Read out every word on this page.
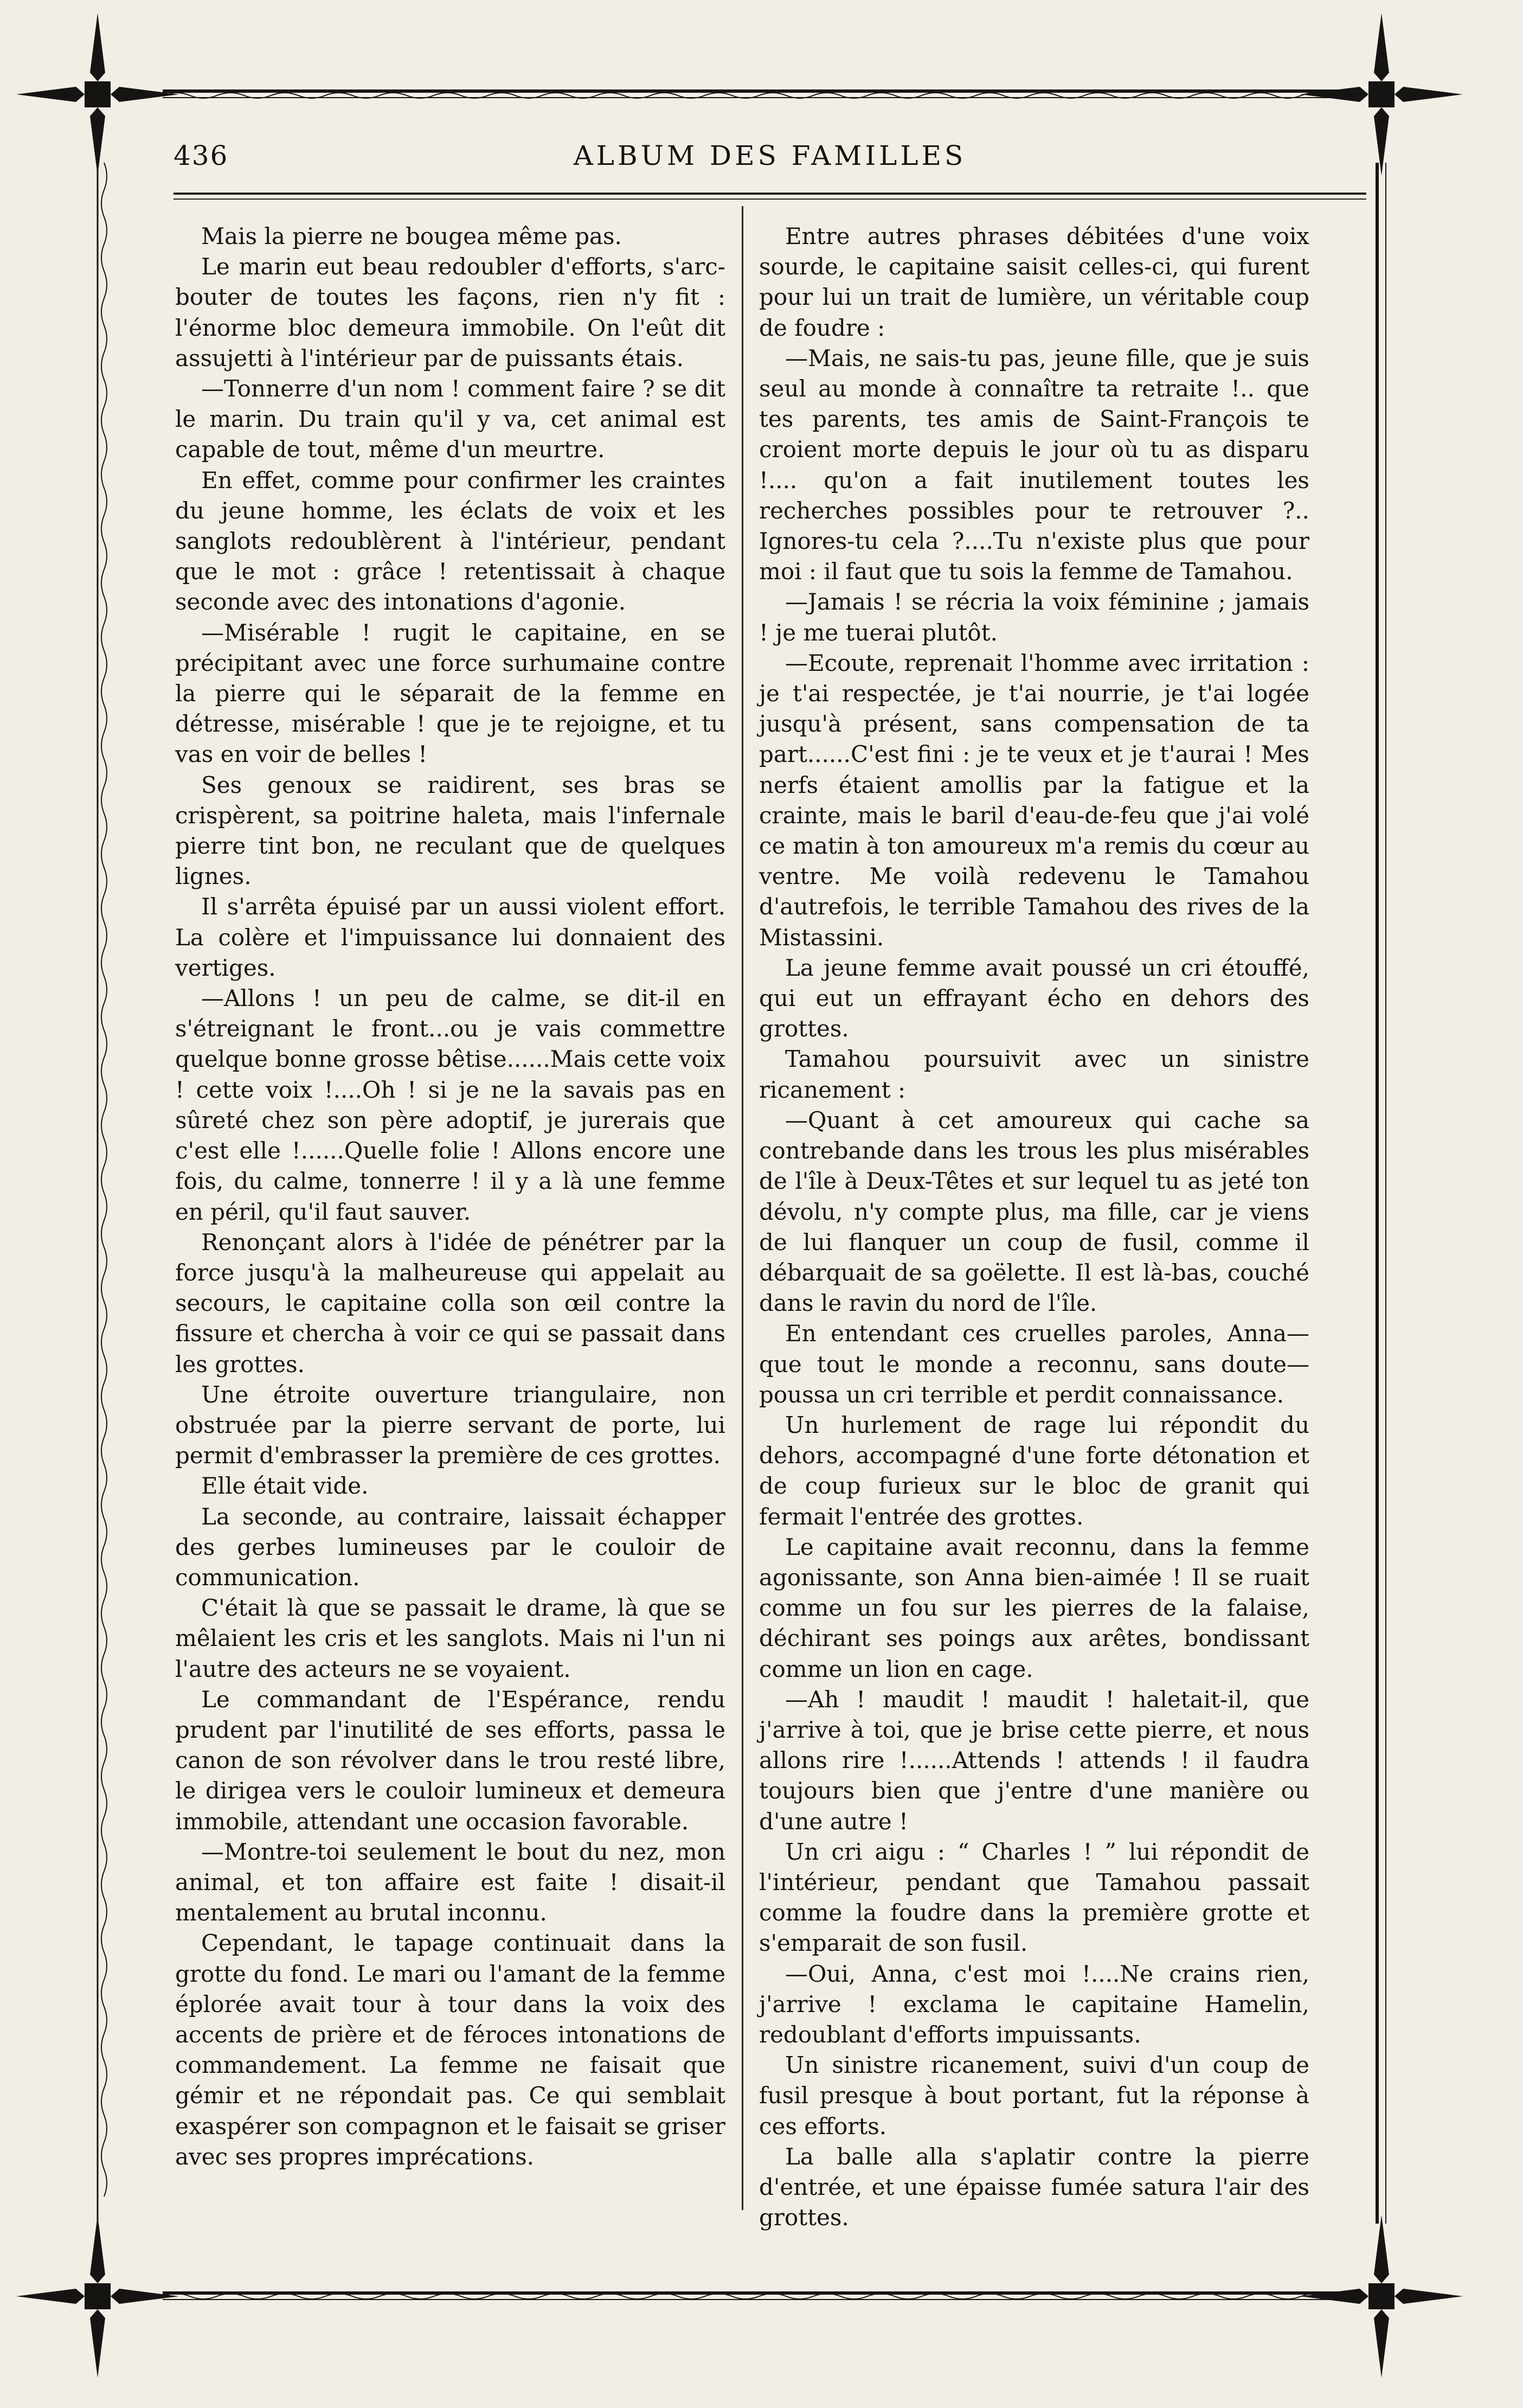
436	ALBUM DES FAMILLES

Mais la pierre ne bougea même pas.

Le marin eut beau redoubler d'efforts, s'arc-bouter de toutes les façons, rien n'y fit : l'énorme bloc demeura immobile. On l'eût dit assujetti à l'intérieur par de puissants étais.

—Tonnerre d'un nom ! comment faire ? se dit le marin. Du train qu'il y va, cet animal est capable de tout, même d'un meurtre.

En effet, comme pour confirmer les craintes du jeune homme, les éclats de voix et les sanglots redoublèrent à l'intérieur, pendant que le mot : grâce ! retentissait à chaque seconde avec des intonations d'agonie.

—Misérable ! rugit le capitaine, en se précipitant avec une force surhumaine contre la pierre qui le séparait de la femme en détresse, misérable ! que je te rejoigne, et tu vas en voir de belles !

Ses genoux se raidirent, ses bras se crispèrent, sa poitrine haleta, mais l'infernale pierre tint bon, ne reculant que de quelques lignes.

Il s'arrêta épuisé par un aussi violent effort. La colère et l'impuissance lui donnaient des vertiges.

—Allons ! un peu de calme, se dit-il en s'étreignant le front...ou je vais commettre quelque bonne grosse bêtise......Mais cette voix ! cette voix !....Oh ! si je ne la savais pas en sûreté chez son père adoptif, je jurerais que c'est elle !......Quelle folie ! Allons encore une fois, du calme, tonnerre ! il y a là une femme en péril, qu'il faut sauver.

Renonçant alors à l'idée de pénétrer par la force jusqu'à la malheureuse qui appelait au secours, le capitaine colla son œil contre la fissure et chercha à voir ce qui se passait dans les grottes.

Une étroite ouverture triangulaire, non obstruée par la pierre servant de porte, lui permit d'embrasser la première de ces grottes.

Elle était vide.

La seconde, au contraire, laissait échapper des gerbes lumineuses par le couloir de communication.

C'était là que se passait le drame, là que se mêlaient les cris et les sanglots. Mais ni l'un ni l'autre des acteurs ne se voyaient.

Le commandant de l'Espérance, rendu prudent par l'inutilité de ses efforts, passa le canon de son révolver dans le trou resté libre, le dirigea vers le couloir lumineux et demeura immobile, attendant une occasion favorable.

—Montre-toi seulement le bout du nez, mon animal, et ton affaire est faite ! disait-il mentalement au brutal inconnu.

Cependant, le tapage continuait dans la grotte du fond. Le mari ou l'amant de la femme éplorée avait tour à tour dans la voix des accents de prière et de féroces intonations de commandement. La femme ne faisait que gémir et ne répondait pas. Ce qui semblait exaspérer son compagnon et le faisait se griser avec ses propres imprécations.

Entre autres phrases débitées d'une voix sourde, le capitaine saisit celles-ci, qui furent pour lui un trait de lumière, un véritable coup de foudre :

—Mais, ne sais-tu pas, jeune fille, que je suis seul au monde à connaître ta retraite !.. que tes parents, tes amis de Saint-François te croient morte depuis le jour où tu as disparu !.... qu'on a fait inutilement toutes les recherches possibles pour te retrouver ?.. Ignores-tu cela ?....Tu n'existe plus que pour moi : il faut que tu sois la femme de Tamahou.

—Jamais ! se récria la voix féminine ; jamais ! je me tuerai plutôt.

—Ecoute, reprenait l'homme avec irritation : je t'ai respectée, je t'ai nourrie, je t'ai logée jusqu'à présent, sans compensation de ta part......C'est fini : je te veux et je t'aurai ! Mes nerfs étaient amollis par la fatigue et la crainte, mais le baril d'eau-de-feu que j'ai volé ce matin à ton amoureux m'a remis du cœur au ventre. Me voilà redevenu le Tamahou d'autrefois, le terrible Tamahou des rives de la Mistassini.

La jeune femme avait poussé un cri étouffé, qui eut un effrayant écho en dehors des grottes.

Tamahou poursuivit avec un sinistre ricanement :

—Quant à cet amoureux qui cache sa contrebande dans les trous les plus misérables de l'île à Deux-Têtes et sur lequel tu as jeté ton dévolu, n'y compte plus, ma fille, car je viens de lui flanquer un coup de fusil, comme il débarquait de sa goëlette. Il est là-bas, couché dans le ravin du nord de l'île.

En entendant ces cruelles paroles, Anna—que tout le monde a reconnu, sans doute—poussa un cri terrible et perdit connaissance.

Un hurlement de rage lui répondit du dehors, accompagné d'une forte détonation et de coup furieux sur le bloc de granit qui fermait l'entrée des grottes.

Le capitaine avait reconnu, dans la femme agonissante, son Anna bien-aimée ! Il se ruait comme un fou sur les pierres de la falaise, déchirant ses poings aux arêtes, bondissant comme un lion en cage.

—Ah ! maudit ! maudit ! haletait-il, que j'arrive à toi, que je brise cette pierre, et nous allons rire !......Attends ! attends ! il faudra toujours bien que j'entre d'une manière ou d'une autre !

Un cri aigu : “ Charles ! ” lui répondit de l'intérieur, pendant que Tamahou passait comme la foudre dans la première grotte et s'emparait de son fusil.

—Oui, Anna, c'est moi !....Ne crains rien, j'arrive ! exclama le capitaine Hamelin, redoublant d'efforts impuissants.

Un sinistre ricanement, suivi d'un coup de fusil presque à bout portant, fut la réponse à ces efforts.

La balle alla s'aplatir contre la pierre d'entrée, et une épaisse fumée satura l'air des grottes.
